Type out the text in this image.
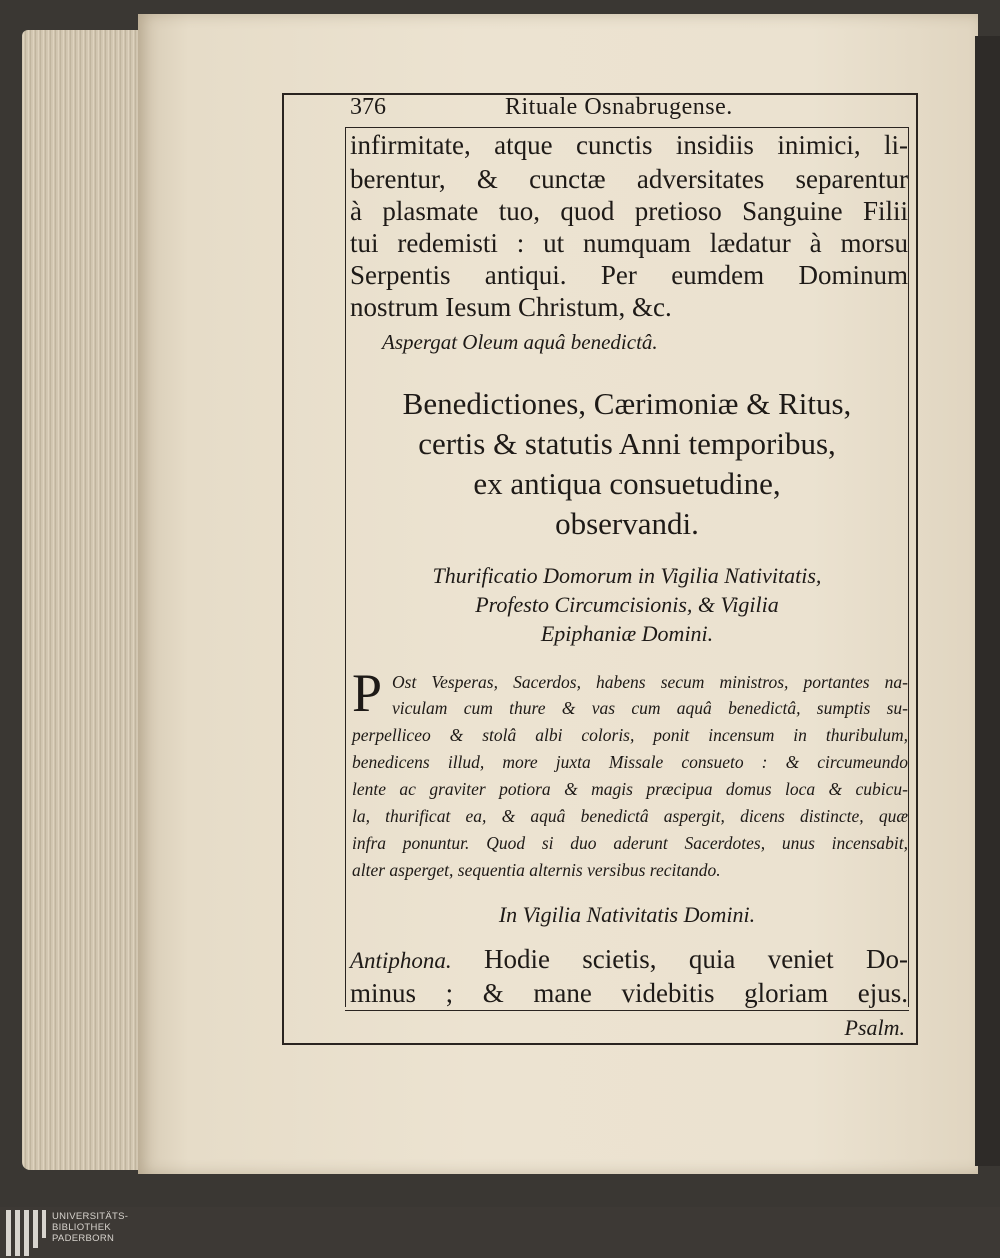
376	Rituale Osnabrugense.
infirmitate, atque cunctis insidiis inimici, li-
berentur, & cunctæ adversitates separentur
à plasmate tuo, quod pretioso Sanguine Filii
tui redemisti : ut numquam lædatur à morsu
Serpentis antiqui. Per eumdem Dominum
nostrum Iesum Christum, &c.
Aspergat Oleum aquâ benedictâ.
Benedictiones, Cærimoniæ & Ritus,
certis & statutis Anni temporibus,
ex antiqua consuetudine,
observandi.
Thurificatio Domorum in Vigilia Nativitatis,
Profesto Circumcisionis, & Vigilia
Epiphaniæ Domini.
P Ost Vesperas, Sacerdos, habens secum ministros, portantes na-
viculam cum thure & vas cum aquâ benedictâ, sumptis su-
perpelliceo & stolâ albi coloris, ponit incensum in thuribulum,
benedicens illud, more juxta Missale consueto : & circumeundo
lente ac graviter potiora & magis præcipua domus loca & cubicu-
la, thurificat ea, & aquâ benedictâ aspergit, dicens distincte, quæ
infra ponuntur. Quod si duo aderunt Sacerdotes, unus incensabit,
alter asperget, sequentia alternis versibus recitando.
In Vigilia Nativitatis Domini.
Antiphona. Hodie scietis, quia veniet Do-
minus ; & mane videbitis gloriam ejus.
Psalm.
UNIVERSITÄTS-
BIBLIOTHEK
PADERBORN
